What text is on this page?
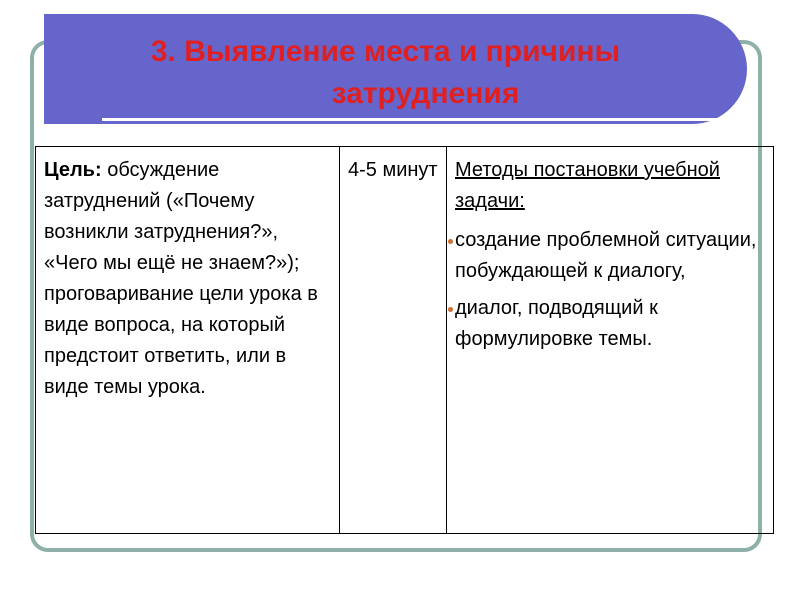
3. Выявление места и причины
затруднения
Цель: обсуждение затруднений («Почему возникли затруднения?», «Чего мы ещё не знаем?»); проговаривание цели урока в виде вопроса, на который предстоит ответить, или в виде темы урока.	4-5 минут	Методы постановки учебной задачи:
создание проблемной ситуации, побуждающей к диалогу,
диалог, подводящий к формулировке темы.
